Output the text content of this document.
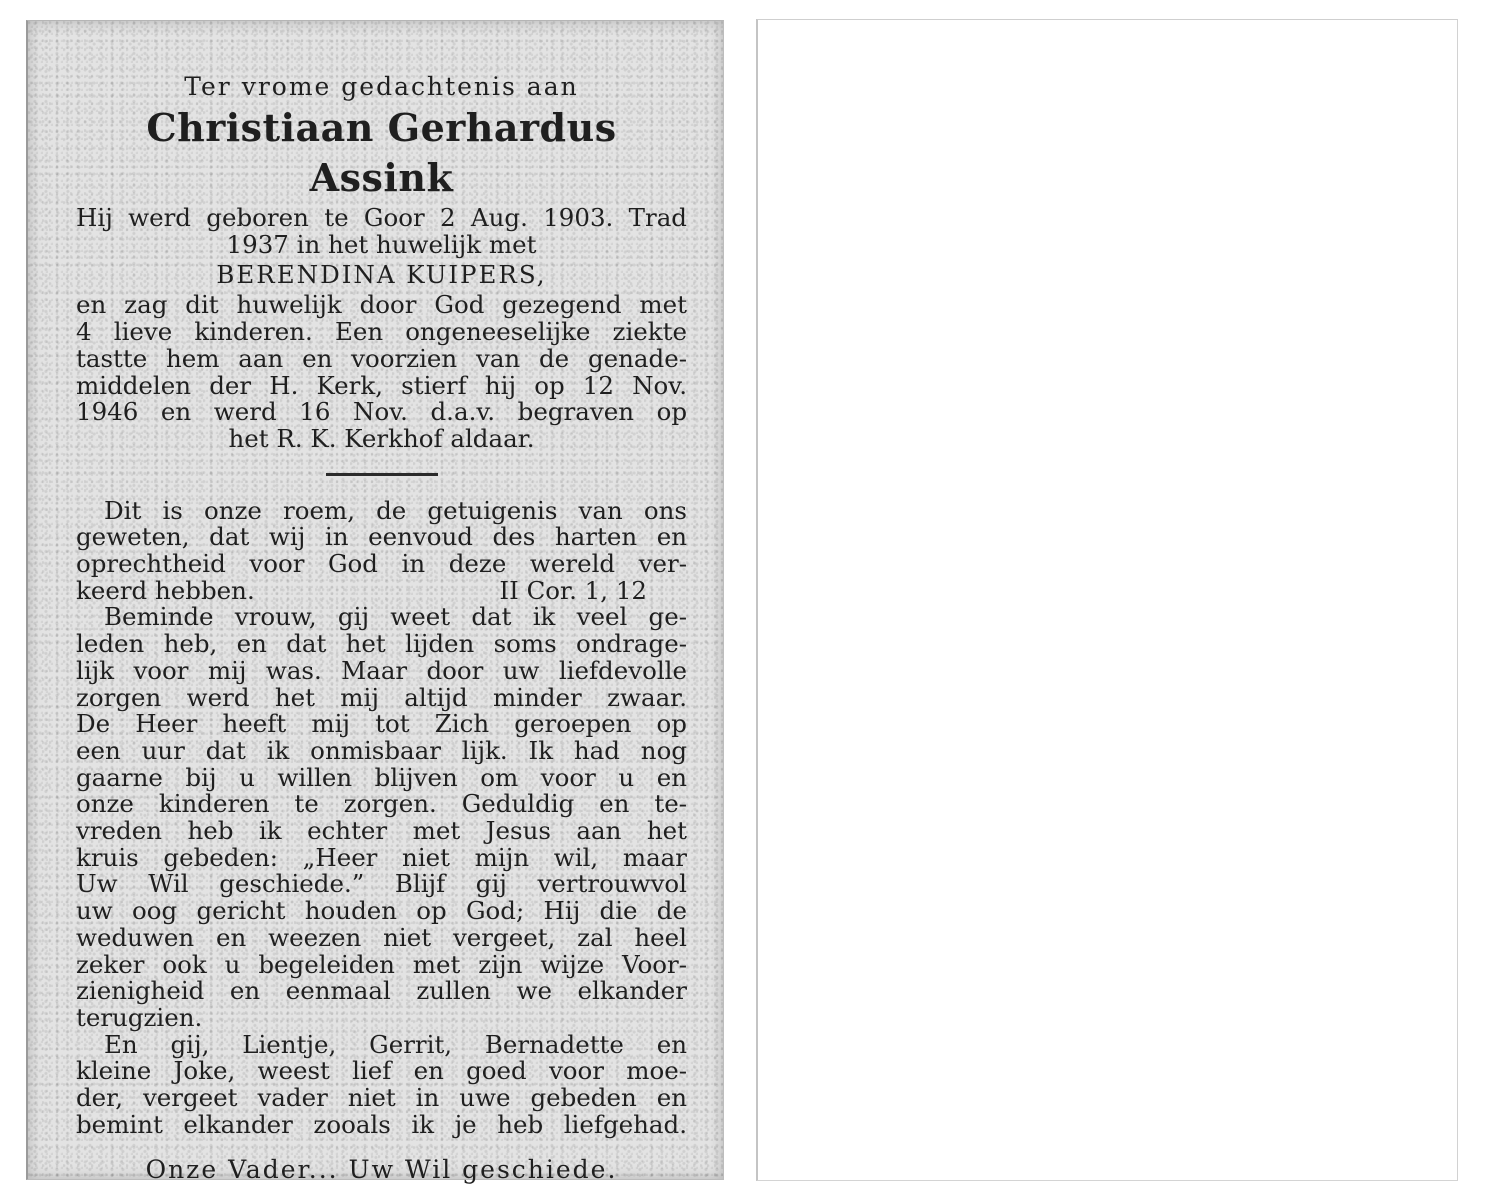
Ter vrome gedachtenis aan

Christiaan Gerhardus Assink

Hij werd geboren te Goor 2 Aug. 1903. Trad

1937 in het huwelijk met

BERENDINA KUIPERS,

en zag dit huwelijk door God gezegend met

4 lieve kinderen. Een ongeneeselijke ziekte

tastte hem aan en voorzien van de genade-

middelen der H. Kerk, stierf hij op 12 Nov.

1946 en werd 16 Nov. d.a.v. begraven op

het R. K. Kerkhof aldaar.

Dit is onze roem, de getuigenis van ons

geweten, dat wij in eenvoud des harten en

oprechtheid voor God in deze wereld ver-

keerd hebben.	II Cor. 1, 12

Beminde vrouw, gij weet dat ik veel ge-

leden heb, en dat het lijden soms ondrage-

lijk voor mij was. Maar door uw liefdevolle

zorgen werd het mij altijd minder zwaar.

De Heer heeft mij tot Zich geroepen op

een uur dat ik onmisbaar lijk. Ik had nog

gaarne bij u willen blijven om voor u en

onze kinderen te zorgen. Geduldig en te-

vreden heb ik echter met Jesus aan het

kruis gebeden: „Heer niet mijn wil, maar

Uw Wil geschiede.” Blijf gij vertrouwvol

uw oog gericht houden op God; Hij die de

weduwen en weezen niet vergeet, zal heel

zeker ook u begeleiden met zijn wijze Voor-

zienigheid en eenmaal zullen we elkander

terugzien.

En gij, Lientje, Gerrit, Bernadette en

kleine Joke, weest lief en goed voor moe-

der, vergeet vader niet in uwe gebeden en

bemint elkander zooals ik je heb liefgehad.

Onze Vader... Uw Wil geschiede.
